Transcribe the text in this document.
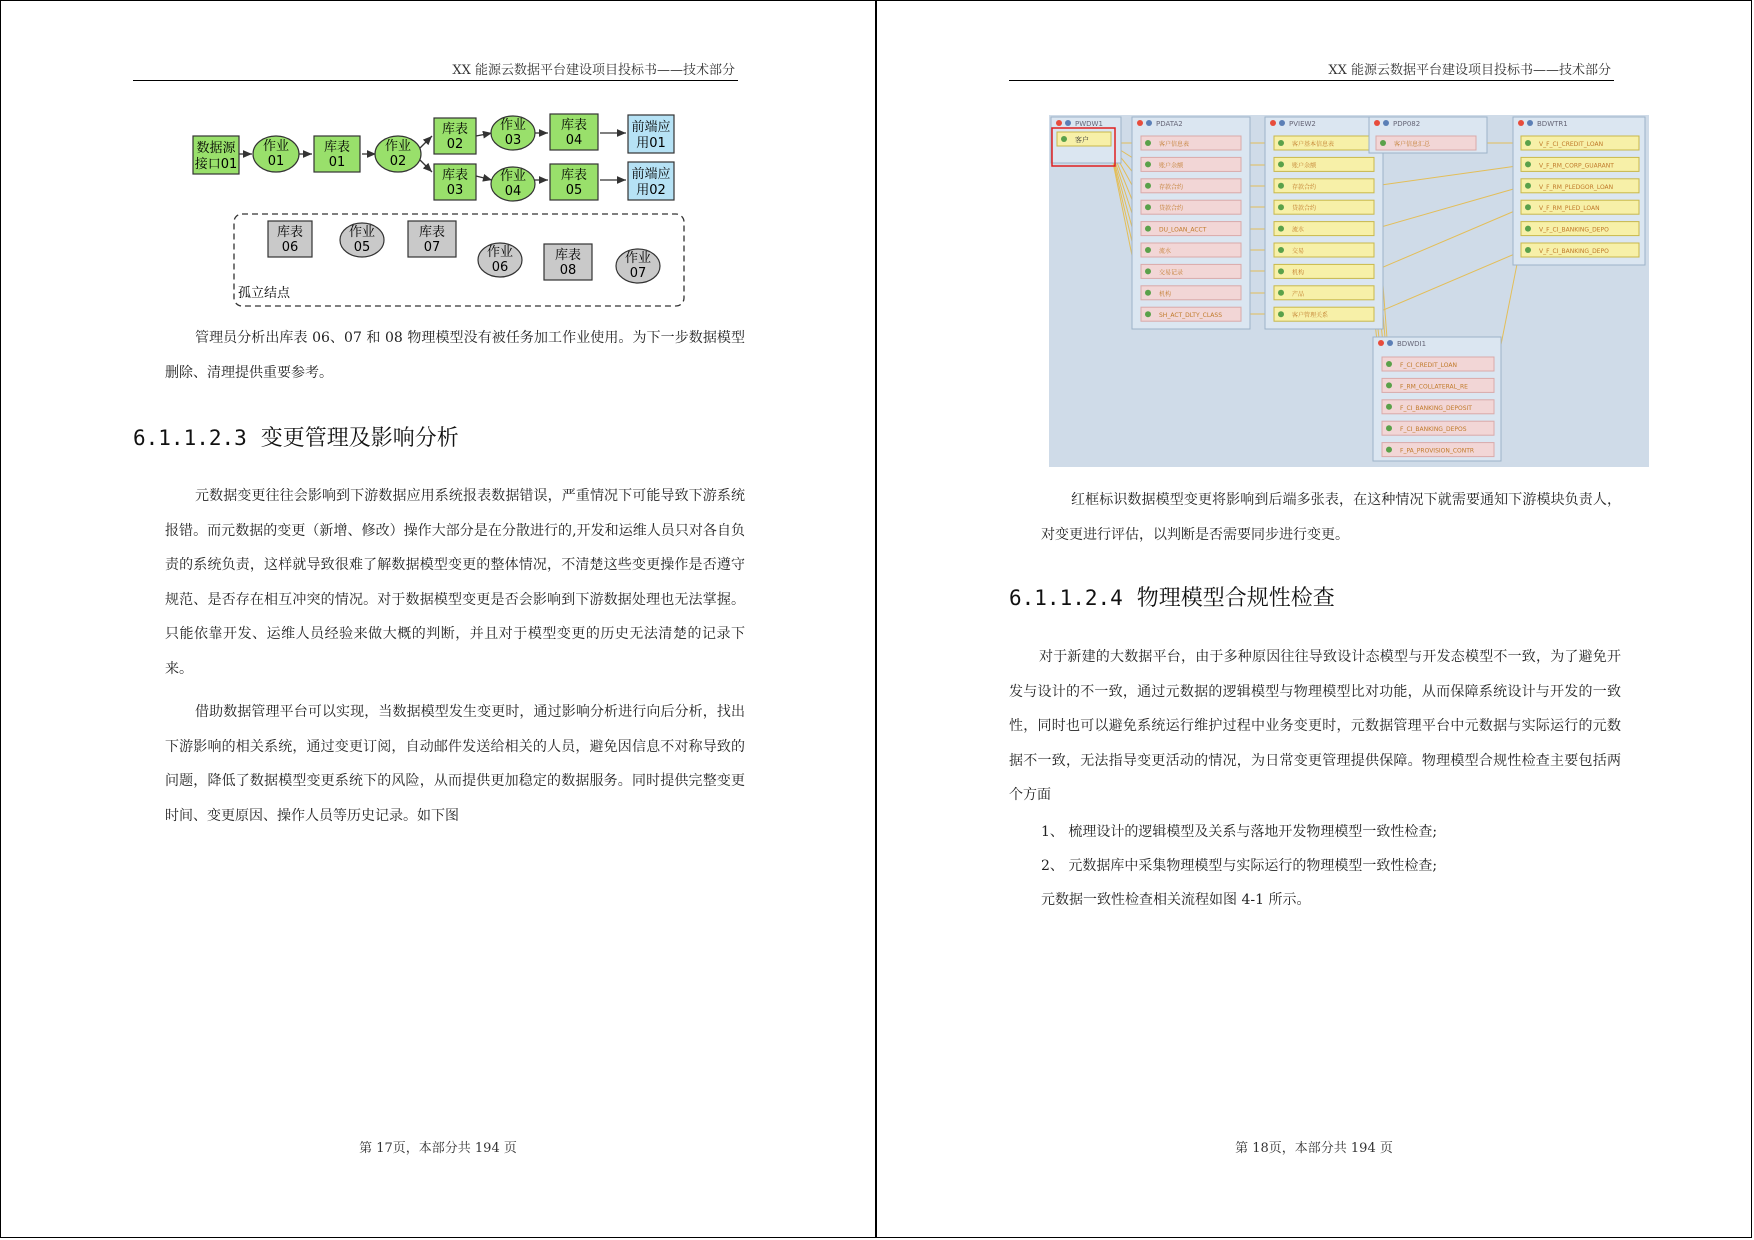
XX 能源云数据平台建设项目投标书——技术部分
数据源
接口01
作业
01
库表
01
作业
02
库表
02
作业
03
库表
04
前端应
用01
库表
03
作业
04
库表
05
前端应
用02
库表
06
作业
05
库表
07	作业
06
库表
08
作业
07
孤立结点

管理员分析出库表 06、07 和 08 物理模型没有被任务加工作业使用。为下一步数据模型删除、清理提供重要参考。

6.1.1.2.3 变更管理及影响分析

元数据变更往往会影响到下游数据应用系统报表数据错误，严重情况下可能导致下游系统报错。而元数据的变更（新增、修改）操作大部分是在分散进行的,开发和运维人员只对各自负责的系统负责，这样就导致很难了解数据模型变更的整体情况，不清楚这些变更操作是否遵守规范、是否存在相互冲突的情况。对于数据模型变更是否会影响到下游数据处理也无法掌握。只能依靠开发、运维人员经验来做大概的判断，并且对于模型变更的历史无法清楚的记录下来。

借助数据管理平台可以实现，当数据模型发生变更时，通过影响分析进行向后分析，找出下游影响的相关系统，通过变更订阅，自动邮件发送给相关的人员，避免因信息不对称导致的问题，降低了数据模型变更系统下的风险，从而提供更加稳定的数据服务。同时提供完整变更时间、变更原因、操作人员等历史记录。如下图

第 17页，本部分共 194 页
XX 能源云数据平台建设项目投标书——技术部分
PWDW1
客户
PDATA2
客户信息表
账户余额
存款合约
贷款合约
DU_LOAN_ACCT
流水
交易记录
机构
SH_ACT_DLTY_CLASS
PVIEW2
客户基本信息表
账户余额
存款合约
贷款合约
流水
交易
机构
产品
客户管理关系
PDP082
客户信息汇总
BDWTR1
V_F_CI_CREDIT_LOAN
V_F_RM_CORP_GUARANT
V_F_RM_PLEDGOR_LOAN
V_F_RM_PLED_LOAN
V_F_CI_BANKING_DEPO
V_F_CI_BANKING_DEPO
BDWDI1
F_CI_CREDIT_LOAN
F_RM_COLLATERAL_RE
F_CI_BANKING_DEPOSIT
F_CI_BANKING_DEPOS
F_PA_PROVISION_CONTR

红框标识数据模型变更将影响到后端多张表，在这种情况下就需要通知下游模块负责人，对变更进行评估，以判断是否需要同步进行变更。

6.1.1.2.4 物理模型合规性检查

对于新建的大数据平台，由于多种原因往往导致设计态模型与开发态模型不一致，为了避免开发与设计的不一致，通过元数据的逻辑模型与物理模型比对功能，从而保障系统设计与开发的一致性，同时也可以避免系统运行维护过程中业务变更时，元数据管理平台中元数据与实际运行的元数据不一致，无法指导变更活动的情况，为日常变更管理提供保障。物理模型合规性检查主要包括两个方面

1、 梳理设计的逻辑模型及关系与落地开发物理模型一致性检查;
2、 元数据库中采集物理模型与实际运行的物理模型一致性检查;
元数据一致性检查相关流程如图 4-1 所示。
第 18页，本部分共 194 页
